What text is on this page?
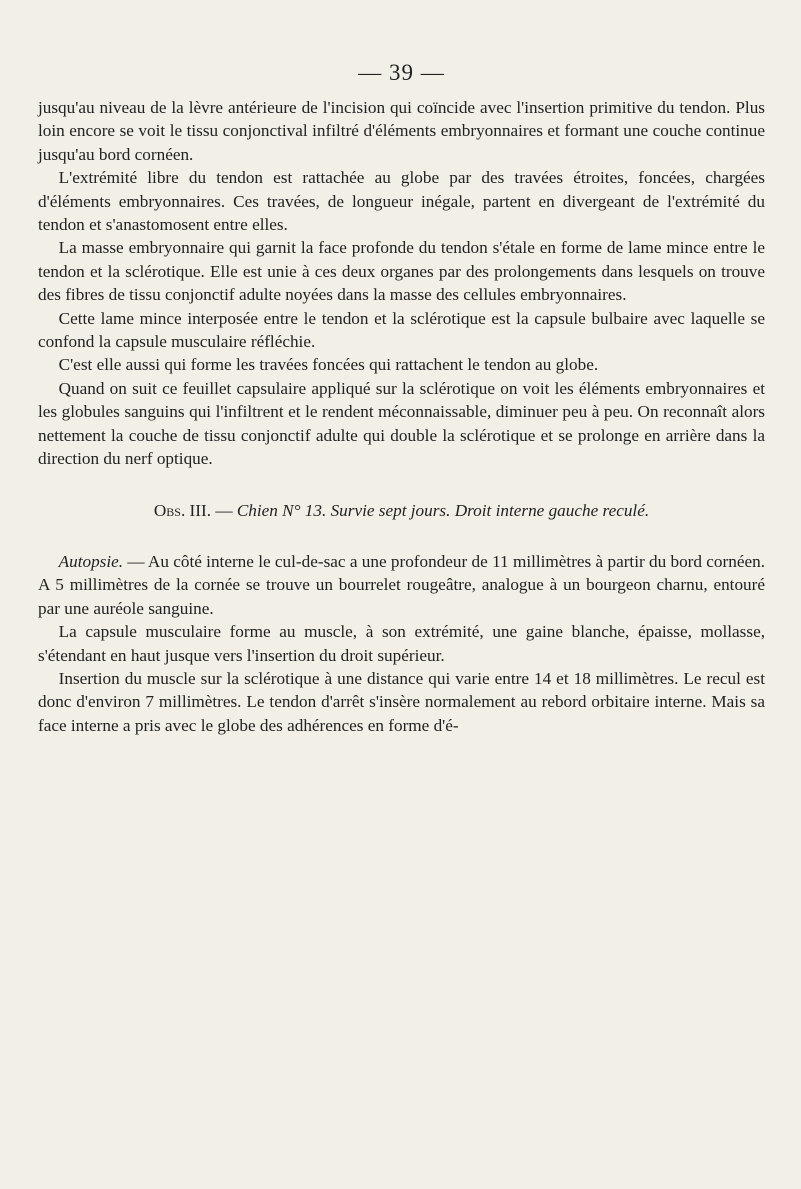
— 39 —

jusqu'au niveau de la lèvre antérieure de l'incision qui coïncide avec l'insertion primitive du tendon. Plus loin encore se voit le tissu conjonctival infiltré d'éléments embryonnaires et formant une couche continue jusqu'au bord cornéen.

L'extrémité libre du tendon est rattachée au globe par des travées étroites, foncées, chargées d'éléments embryonnaires. Ces travées, de longueur inégale, partent en divergeant de l'extrémité du tendon et s'anastomosent entre elles.

La masse embryonnaire qui garnit la face profonde du tendon s'étale en forme de lame mince entre le tendon et la sclérotique. Elle est unie à ces deux organes par des prolongements dans lesquels on trouve des fibres de tissu conjonctif adulte noyées dans la masse des cellules embryonnaires.

Cette lame mince interposée entre le tendon et la sclérotique est la capsule bulbaire avec laquelle se confond la capsule musculaire réfléchie.

C'est elle aussi qui forme les travées foncées qui rattachent le tendon au globe.

Quand on suit ce feuillet capsulaire appliqué sur la sclérotique on voit les éléments embryonnaires et les globules sanguins qui l'infiltrent et le rendent méconnaissable, diminuer peu à peu. On reconnaît alors nettement la couche de tissu conjonctif adulte qui double la sclérotique et se prolonge en arrière dans la direction du nerf optique.

Obs. III. — Chien N° 13. Survie sept jours. Droit interne gauche reculé.

Autopsie. — Au côté interne le cul-de-sac a une profondeur de 11 millimètres à partir du bord cornéen. A 5 millimètres de la cornée se trouve un bourrelet rougeâtre, analogue à un bourgeon charnu, entouré par une auréole sanguine.

La capsule musculaire forme au muscle, à son extrémité, une gaine blanche, épaisse, mollasse, s'étendant en haut jusque vers l'insertion du droit supérieur.

Insertion du muscle sur la sclérotique à une distance qui varie entre 14 et 18 millimètres. Le recul est donc d'environ 7 millimètres. Le tendon d'arrêt s'insère normalement au rebord orbitaire interne. Mais sa face interne a pris avec le globe des adhérences en forme d'é-
